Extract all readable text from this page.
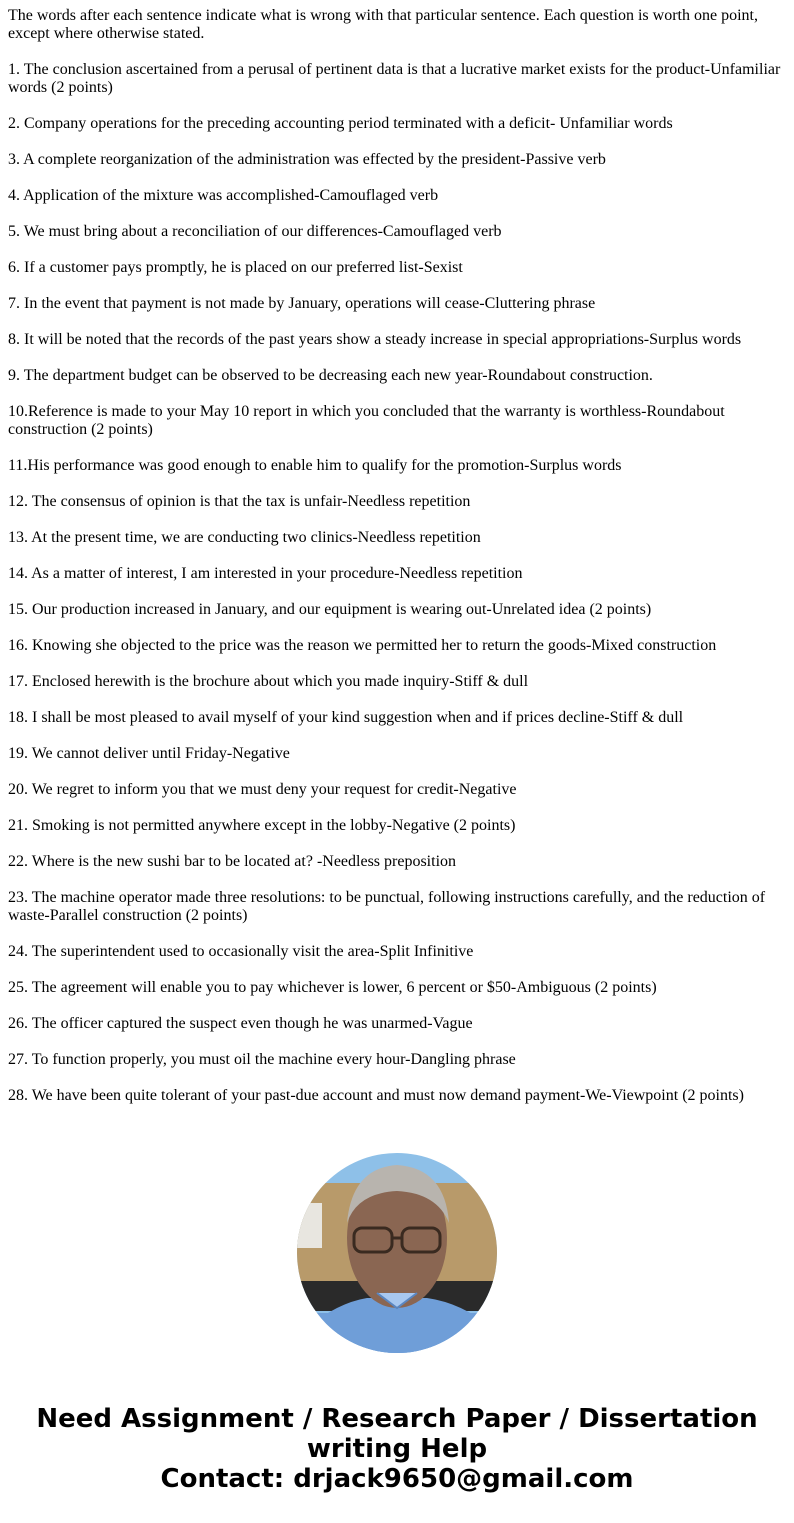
The words after each sentence indicate what is wrong with that particular sentence. Each question is worth one point, except where otherwise stated.

1. The conclusion ascertained from a perusal of pertinent data is that a lucrative market exists for the product-Unfamiliar words (2 points)

2. Company operations for the preceding accounting period terminated with a deficit- Unfamiliar words

3. A complete reorganization of the administration was effected by the president-Passive verb

4. Application of the mixture was accomplished-Camouflaged verb

5. We must bring about a reconciliation of our differences-Camouflaged verb

6. If a customer pays promptly, he is placed on our preferred list-Sexist

7. In the event that payment is not made by January, operations will cease-Cluttering phrase

8. It will be noted that the records of the past years show a steady increase in special appropriations-Surplus words

9. The department budget can be observed to be decreasing each new year-Roundabout construction.

10.Reference is made to your May 10 report in which you concluded that the warranty is worthless-Roundabout construction (2 points)

11.His performance was good enough to enable him to qualify for the promotion-Surplus words

12. The consensus of opinion is that the tax is unfair-Needless repetition

13. At the present time, we are conducting two clinics-Needless repetition

14. As a matter of interest, I am interested in your procedure-Needless repetition

15. Our production increased in January, and our equipment is wearing out-Unrelated idea (2 points)

16. Knowing she objected to the price was the reason we permitted her to return the goods-Mixed construction

17. Enclosed herewith is the brochure about which you made inquiry-Stiff & dull

18. I shall be most pleased to avail myself of your kind suggestion when and if prices decline-Stiff & dull

19. We cannot deliver until Friday-Negative

20. We regret to inform you that we must deny your request for credit-Negative

21. Smoking is not permitted anywhere except in the lobby-Negative (2 points)

22. Where is the new sushi bar to be located at? -Needless preposition

23. The machine operator made three resolutions: to be punctual, following instructions carefully, and the reduction of waste-Parallel construction (2 points)

24. The superintendent used to occasionally visit the area-Split Infinitive

25. The agreement will enable you to pay whichever is lower, 6 percent or $50-Ambiguous (2 points)

26. The officer captured the suspect even though he was unarmed-Vague

27. To function properly, you must oil the machine every hour-Dangling phrase

28. We have been quite tolerant of your past-due account and must now demand payment-We-Viewpoint (2 points)

Need Assignment / Research Paper / Dissertation writing Help
Contact: drjack9650@gmail.com
